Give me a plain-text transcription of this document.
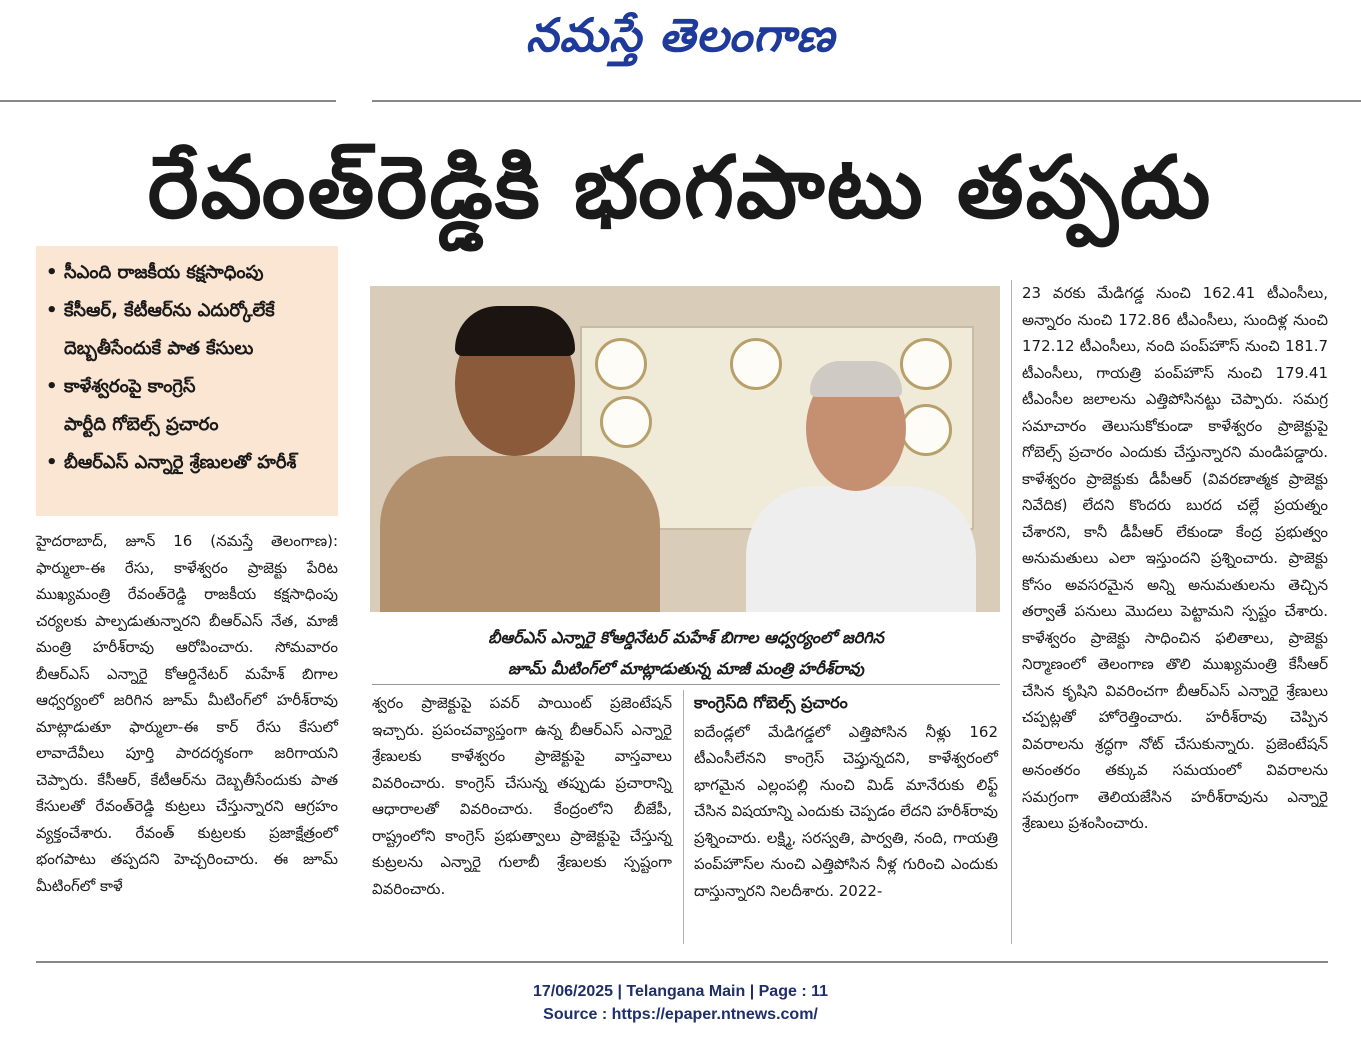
నమస్తే తెలంగాణ
రేవంత్‌రెడ్డికి భంగపాటు తప్పదు
• సీఎంది రాజకీయ కక్షసాధింపు
• కేసీఆర్, కేటీఆర్‌ను ఎదుర్కోలేకే
దెబ్బతీసేందుకే పాత కేసులు
• కాళేశ్వరంపై కాంగ్రెస్
పార్టీది గోబెల్స్ ప్రచారం
• బీఆర్ఎస్ ఎన్నారై శ్రేణులతో హరీశ్

హైదరాబాద్, జూన్ 16 (నమస్తే తెలంగాణ): ఫార్ములా-ఈ రేసు, కాళేశ్వరం ప్రాజెక్టు పేరిట ముఖ్యమంత్రి రేవంత్‌రెడ్డి రాజకీయ కక్షసాధింపు చర్యలకు పాల్పడుతున్నారని బీఆర్ఎస్ నేత, మాజీ మంత్రి హరీశ్‌రావు ఆరోపించారు. సోమవారం బీఆర్ఎస్ ఎన్నారై కోఆర్డినేటర్ మహేశ్ బిగాల ఆధ్వర్యంలో జరిగిన జూమ్ మీటింగ్‌లో హరీశ్‌రావు మాట్లాడుతూ ఫార్ములా-ఈ కార్ రేసు కేసులో లావాదేవీలు పూర్తి పారదర్శకంగా జరిగాయని చెప్పారు. కేసీఆర్, కేటీఆర్‌ను దెబ్బతీసేందుకు పాత కేసులతో రేవంత్‌రెడ్డి కుట్రలు చేస్తున్నారని ఆగ్రహం వ్యక్తంచేశారు. రేవంత్ కుట్రలకు ప్రజాక్షేత్రంలో భంగపాటు తప్పదని హెచ్చరించారు. ఈ జూమ్ మీటింగ్‌లో కాళే

బీఆర్ఎస్ ఎన్నారై కోఆర్డినేటర్ మహేశ్ బిగాల ఆధ్వర్యంలో జరిగిన
జూమ్ మీటింగ్‌లో మాట్లాడుతున్న మాజీ మంత్రి హరీశ్‌రావు

శ్వరం ప్రాజెక్టుపై పవర్ పాయింట్ ప్రజెంటేషన్ ఇచ్చారు. ప్రపంచవ్యాప్తంగా ఉన్న బీఆర్ఎస్ ఎన్నారై శ్రేణులకు కాళేశ్వరం ప్రాజెక్టుపై వాస్తవాలు వివరించారు. కాంగ్రెస్ చేసున్న తప్పుడు ప్రచారాన్ని ఆధారాలతో వివరించారు. కేంద్రంలోని బీజేపీ, రాష్ట్రంలోని కాంగ్రెస్ ప్రభుత్వాలు ప్రాజెక్టుపై చేస్తున్న కుట్రలను ఎన్నారై గులాబీ శ్రేణులకు స్పష్టంగా వివరించారు.

కాంగ్రెస్‌ది గోబెల్స్ ప్రచారం

ఐదేండ్లలో మేడిగడ్డలో ఎత్తిపోసిన నీళ్లు 162 టీఎంసీలేనని కాంగ్రెస్ చెప్తున్నదని, కాళేశ్వరంలో భాగమైన ఎల్లంపల్లి నుంచి మిడ్ మానేరుకు లిఫ్ట్ చేసిన విషయాన్ని ఎందుకు చెప్పడం లేదని హరీశ్‌రావు ప్రశ్నించారు. లక్ష్మి, సరస్వతి, పార్వతి, నంది, గాయత్రి పంప్‌హౌస్‌ల నుంచి ఎత్తిపోసిన నీళ్ల గురించి ఎందుకు దాస్తున్నారని నిలదీశారు. 2022-

23 వరకు మేడిగడ్డ నుంచి 162.41 టీఎంసీలు, అన్నారం నుంచి 172.86 టీఎంసీలు, సుందిళ్ల నుంచి 172.12 టీఎంసీలు, నంది పంప్‌హౌస్ నుంచి 181.7 టీఎంసీలు, గాయత్రి పంప్‌హౌస్ నుంచి 179.41 టీఎంసీల జలాలను ఎత్తిపోసినట్టు చెప్పారు. సమగ్ర సమాచారం తెలుసుకోకుండా కాళేశ్వరం ప్రాజెక్టుపై గోబెల్స్ ప్రచారం ఎందుకు చేస్తున్నారని మండిపడ్డారు. కాళేశ్వరం ప్రాజెక్టుకు డీపీఆర్ (వివరణాత్మక ప్రాజెక్టు నివేదిక) లేదని కొందరు బురద చల్లే ప్రయత్నం చేశారని, కానీ డీపీఆర్ లేకుండా కేంద్ర ప్రభుత్వం అనుమతులు ఎలా ఇస్తుందని ప్రశ్నించారు. ప్రాజెక్టు కోసం అవసరమైన అన్ని అనుమతులను తెచ్చిన తర్వాతే పనులు మొదలు పెట్టామని స్పష్టం చేశారు. కాళేశ్వరం ప్రాజెక్టు సాధించిన ఫలితాలు, ప్రాజెక్టు నిర్మాణంలో తెలంగాణ తొలి ముఖ్యమంత్రి కేసీఆర్ చేసిన కృషిని వివరించగా బీఆర్ఎస్ ఎన్నారై శ్రేణులు చప్పట్లతో హోరెత్తించారు. హరీశ్‌రావు చెప్పిన వివరాలను శ్రద్ధగా నోట్ చేసుకున్నారు. ప్రజెంటేషన్ అనంతరం తక్కువ సమయంలో వివరాలను సమగ్రంగా తెలియజేసిన హరీశ్‌రావును ఎన్నారై శ్రేణులు ప్రశంసించారు.

17/06/2025 | Telangana Main | Page : 11
Source : https://epaper.ntnews.com/
